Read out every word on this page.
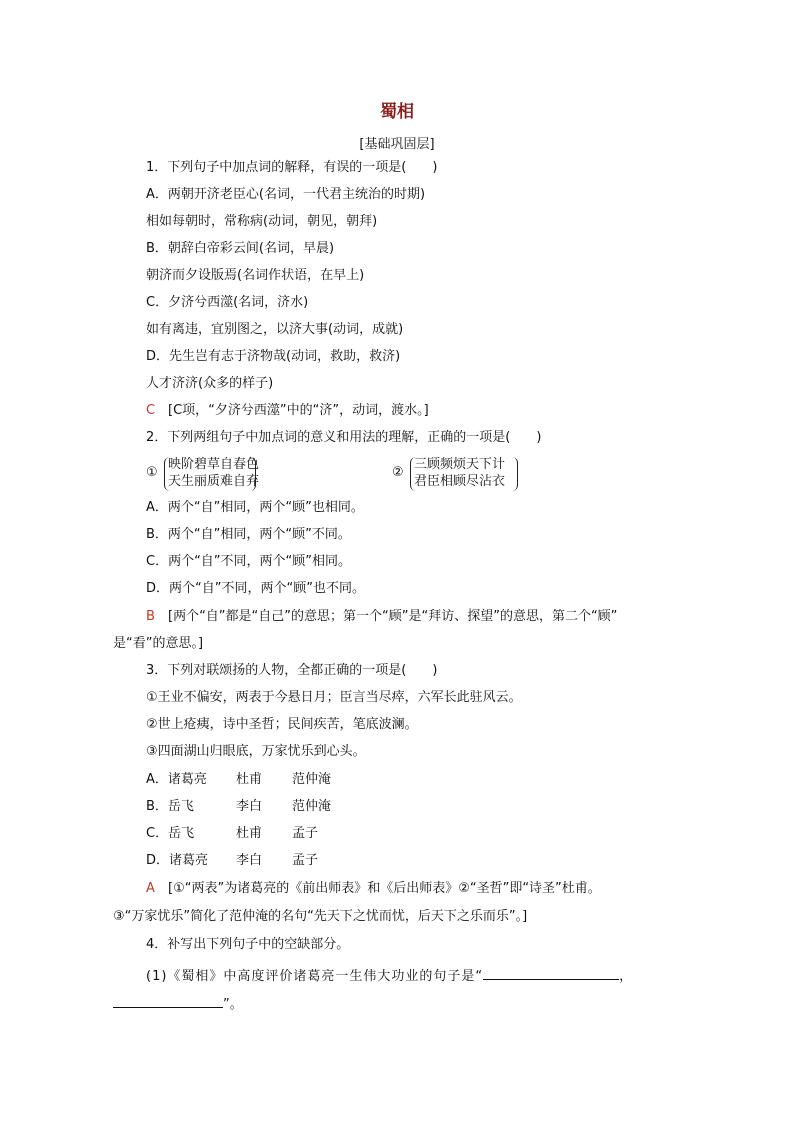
蜀相
[基础巩固层]
1．下列句子中加点词的解释，有误的一项是(　　)
A．两朝开济老臣心(名词，一代君主统治的时期)
相如每朝时，常称病(动词，朝见，朝拜)
B．朝辞白帝彩云间(名词，早晨)
朝济而夕设版焉(名词作状语，在早上)
C．夕济兮西澨(名词，济水)
如有离违，宜别图之，以济大事(动词，成就)
D．先生岂有志于济物哉(动词，救助，救济)
人才济济(众多的样子)
C [C项，“夕济兮西澨”中的“济”，动词，渡水。]
2．下列两组句子中加点词的意义和用法的理解，正确的一项是(　　)
①
映阶碧草自春色
天生丽质难自弃
②
三顾频烦天下计
君臣相顾尽沾衣
A．两个“自”相同，两个“顾”也相同。
B．两个“自”相同，两个“顾”不同。
C．两个“自”不同，两个“顾”相同。
D．两个“自”不同，两个“顾”也不同。
B [两个“自”都是“自己”的意思；第一个“顾”是“拜访、探望”的意思，第二个“顾”
是“看”的意思。]
3．下列对联颂扬的人物，全都正确的一项是(　　)
①王业不偏安，两表于今悬日月；臣言当尽瘁，六军长此驻风云。
②世上疮痍，诗中圣哲；民间疾苦，笔底波澜。
③四面湖山归眼底，万家忧乐到心头。
A．诸葛亮 杜甫 范仲淹
B．岳飞	李白 范仲淹
C．岳飞	杜甫 孟子
D．诸葛亮 李白 孟子
A [①“两表”为诸葛亮的《前出师表》和《后出师表》②“圣哲”即“诗圣”杜甫。
③“万家忧乐”简化了范仲淹的名句“先天下之忧而忧，后天下之乐而乐”。]
4．补写出下列句子中的空缺部分。
(1)《蜀相》中高度评价诸葛亮一生伟大功业的句子是“	，
”。
